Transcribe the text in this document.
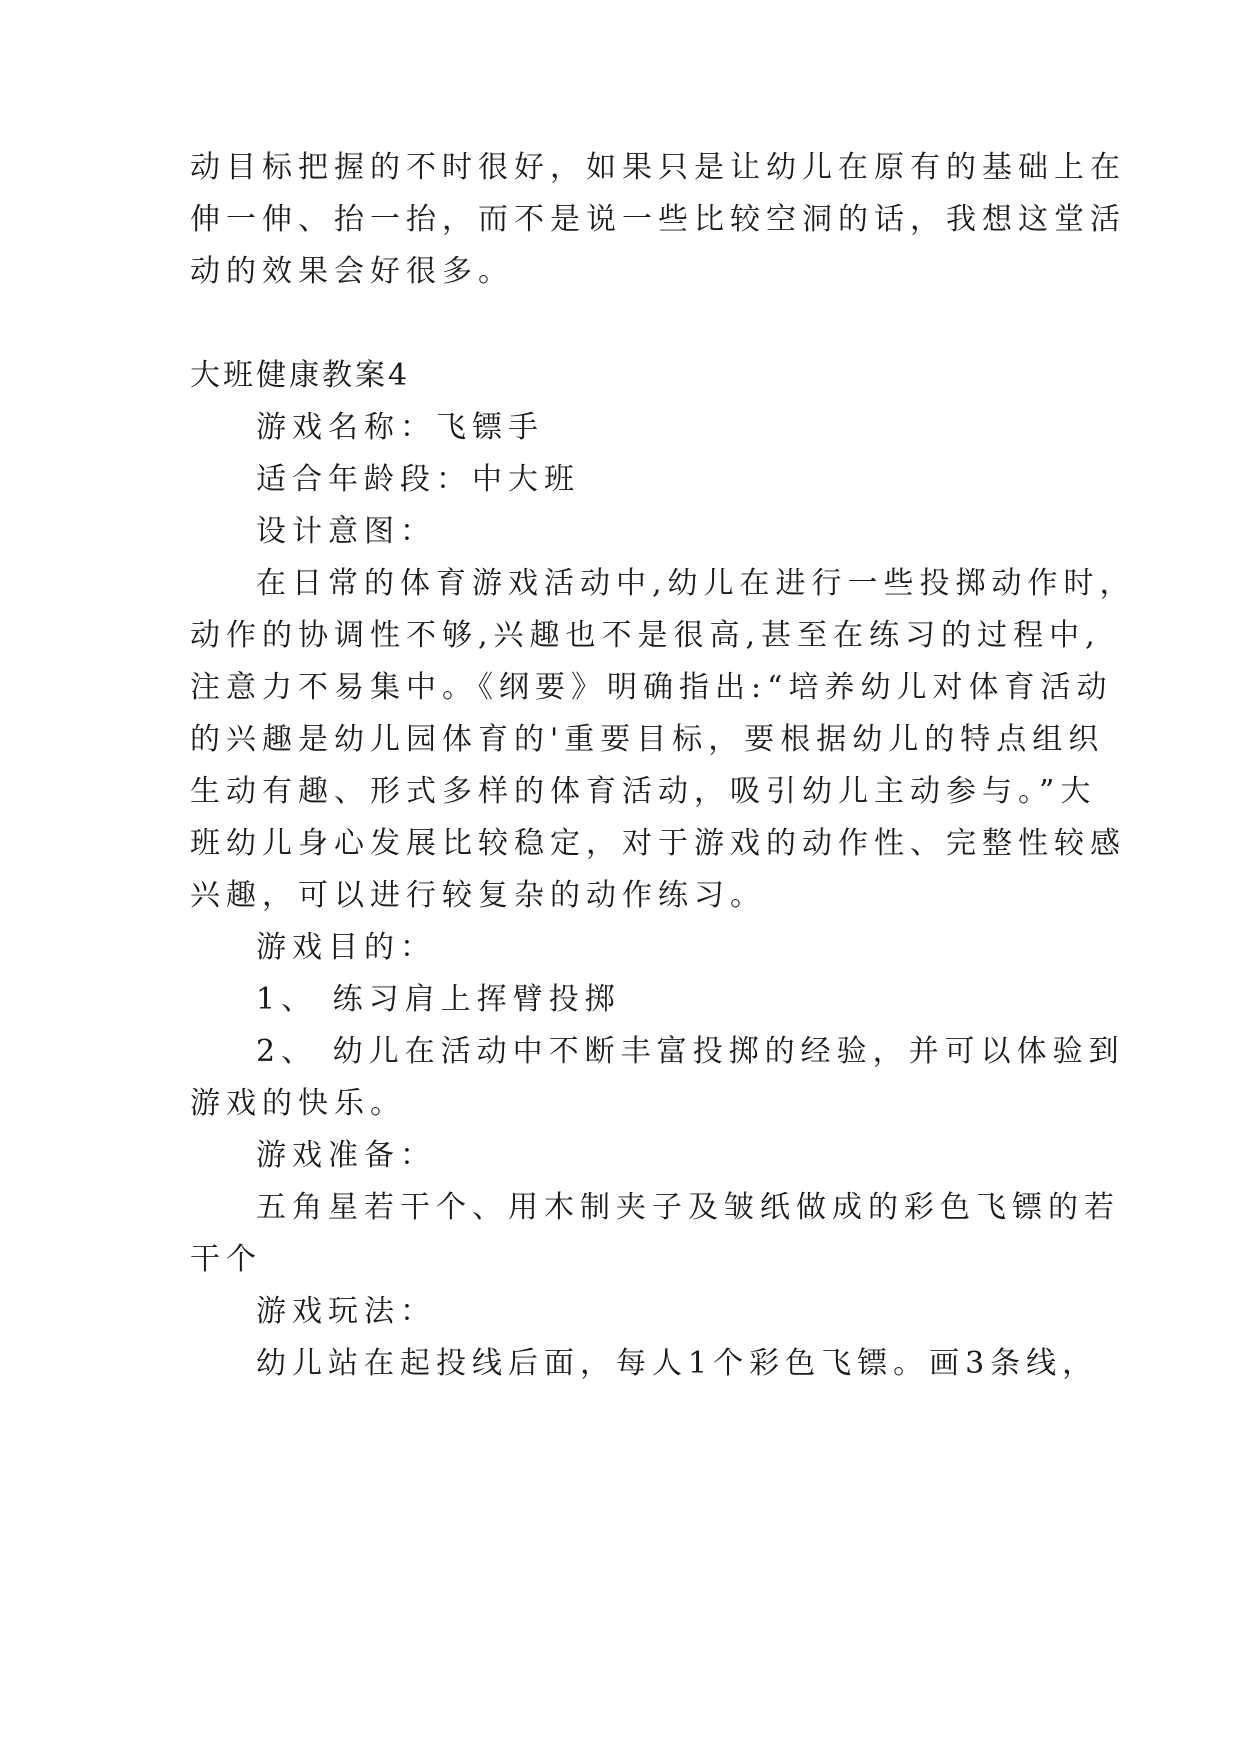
动目标把握的不时很好，如果只是让幼儿在原有的基础上在
伸一伸、抬一抬，而不是说一些比较空洞的话，我想这堂活
动的效果会好很多。
大班健康教案4
游戏名称：飞镖手
适合年龄段：中大班
设计意图：
在日常的体育游戏活动中,幼儿在进行一些投掷动作时，
动作的协调性不够,兴趣也不是很高,甚至在练习的过程中,
注意力不易集中。《纲要》明确指出:“培养幼儿对体育活动
的兴趣是幼儿园体育的'重要目标，要根据幼儿的特点组织
生动有趣、形式多样的体育活动，吸引幼儿主动参与。”大
班幼儿身心发展比较稳定，对于游戏的动作性、完整性较感
兴趣，可以进行较复杂的动作练习。
游戏目的：
1、 练习肩上挥臂投掷
2、 幼儿在活动中不断丰富投掷的经验，并可以体验到
游戏的快乐。
游戏准备：
五角星若干个、用木制夹子及皱纸做成的彩色飞镖的若
干个
游戏玩法：
幼儿站在起投线后面，每人1个彩色飞镖。画3条线，
